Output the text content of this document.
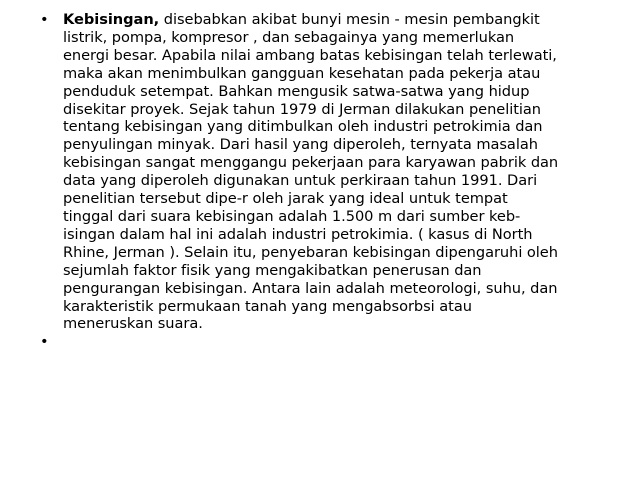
• Kebisingan, disebabkan akibat bunyi mesin - mesin pembangkit
listrik, pompa, kompresor , dan sebagainya yang memerlukan
energi besar. Apabila nilai ambang batas kebisingan telah terlewati,
maka akan menimbulkan gangguan kesehatan pada pekerja atau
penduduk setempat. Bahkan mengusik satwa-satwa yang hidup
disekitar proyek. Sejak tahun 1979 di Jerman dilakukan penelitian
tentang kebisingan yang ditimbulkan oleh industri petrokimia dan
penyulingan minyak. Dari hasil yang diperoleh, ternyata masalah
kebisingan sangat menggangu pekerjaan para karyawan pabrik dan
data yang diperoleh digunakan untuk perkiraan tahun 1991. Dari
penelitian tersebut dipe-r oleh jarak yang ideal untuk tempat
tinggal dari suara kebisingan adalah 1.500 m dari sumber keb-
isingan dalam hal ini adalah industri petrokimia. ( kasus di North
Rhine, Jerman ). Selain itu, penyebaran kebisingan dipengaruhi oleh
sejumlah faktor fisik yang mengakibatkan penerusan dan
pengurangan kebisingan. Antara lain adalah meteorologi, suhu, dan
karakteristik permukaan tanah yang mengabsorbsi atau
meneruskan suara.
•
